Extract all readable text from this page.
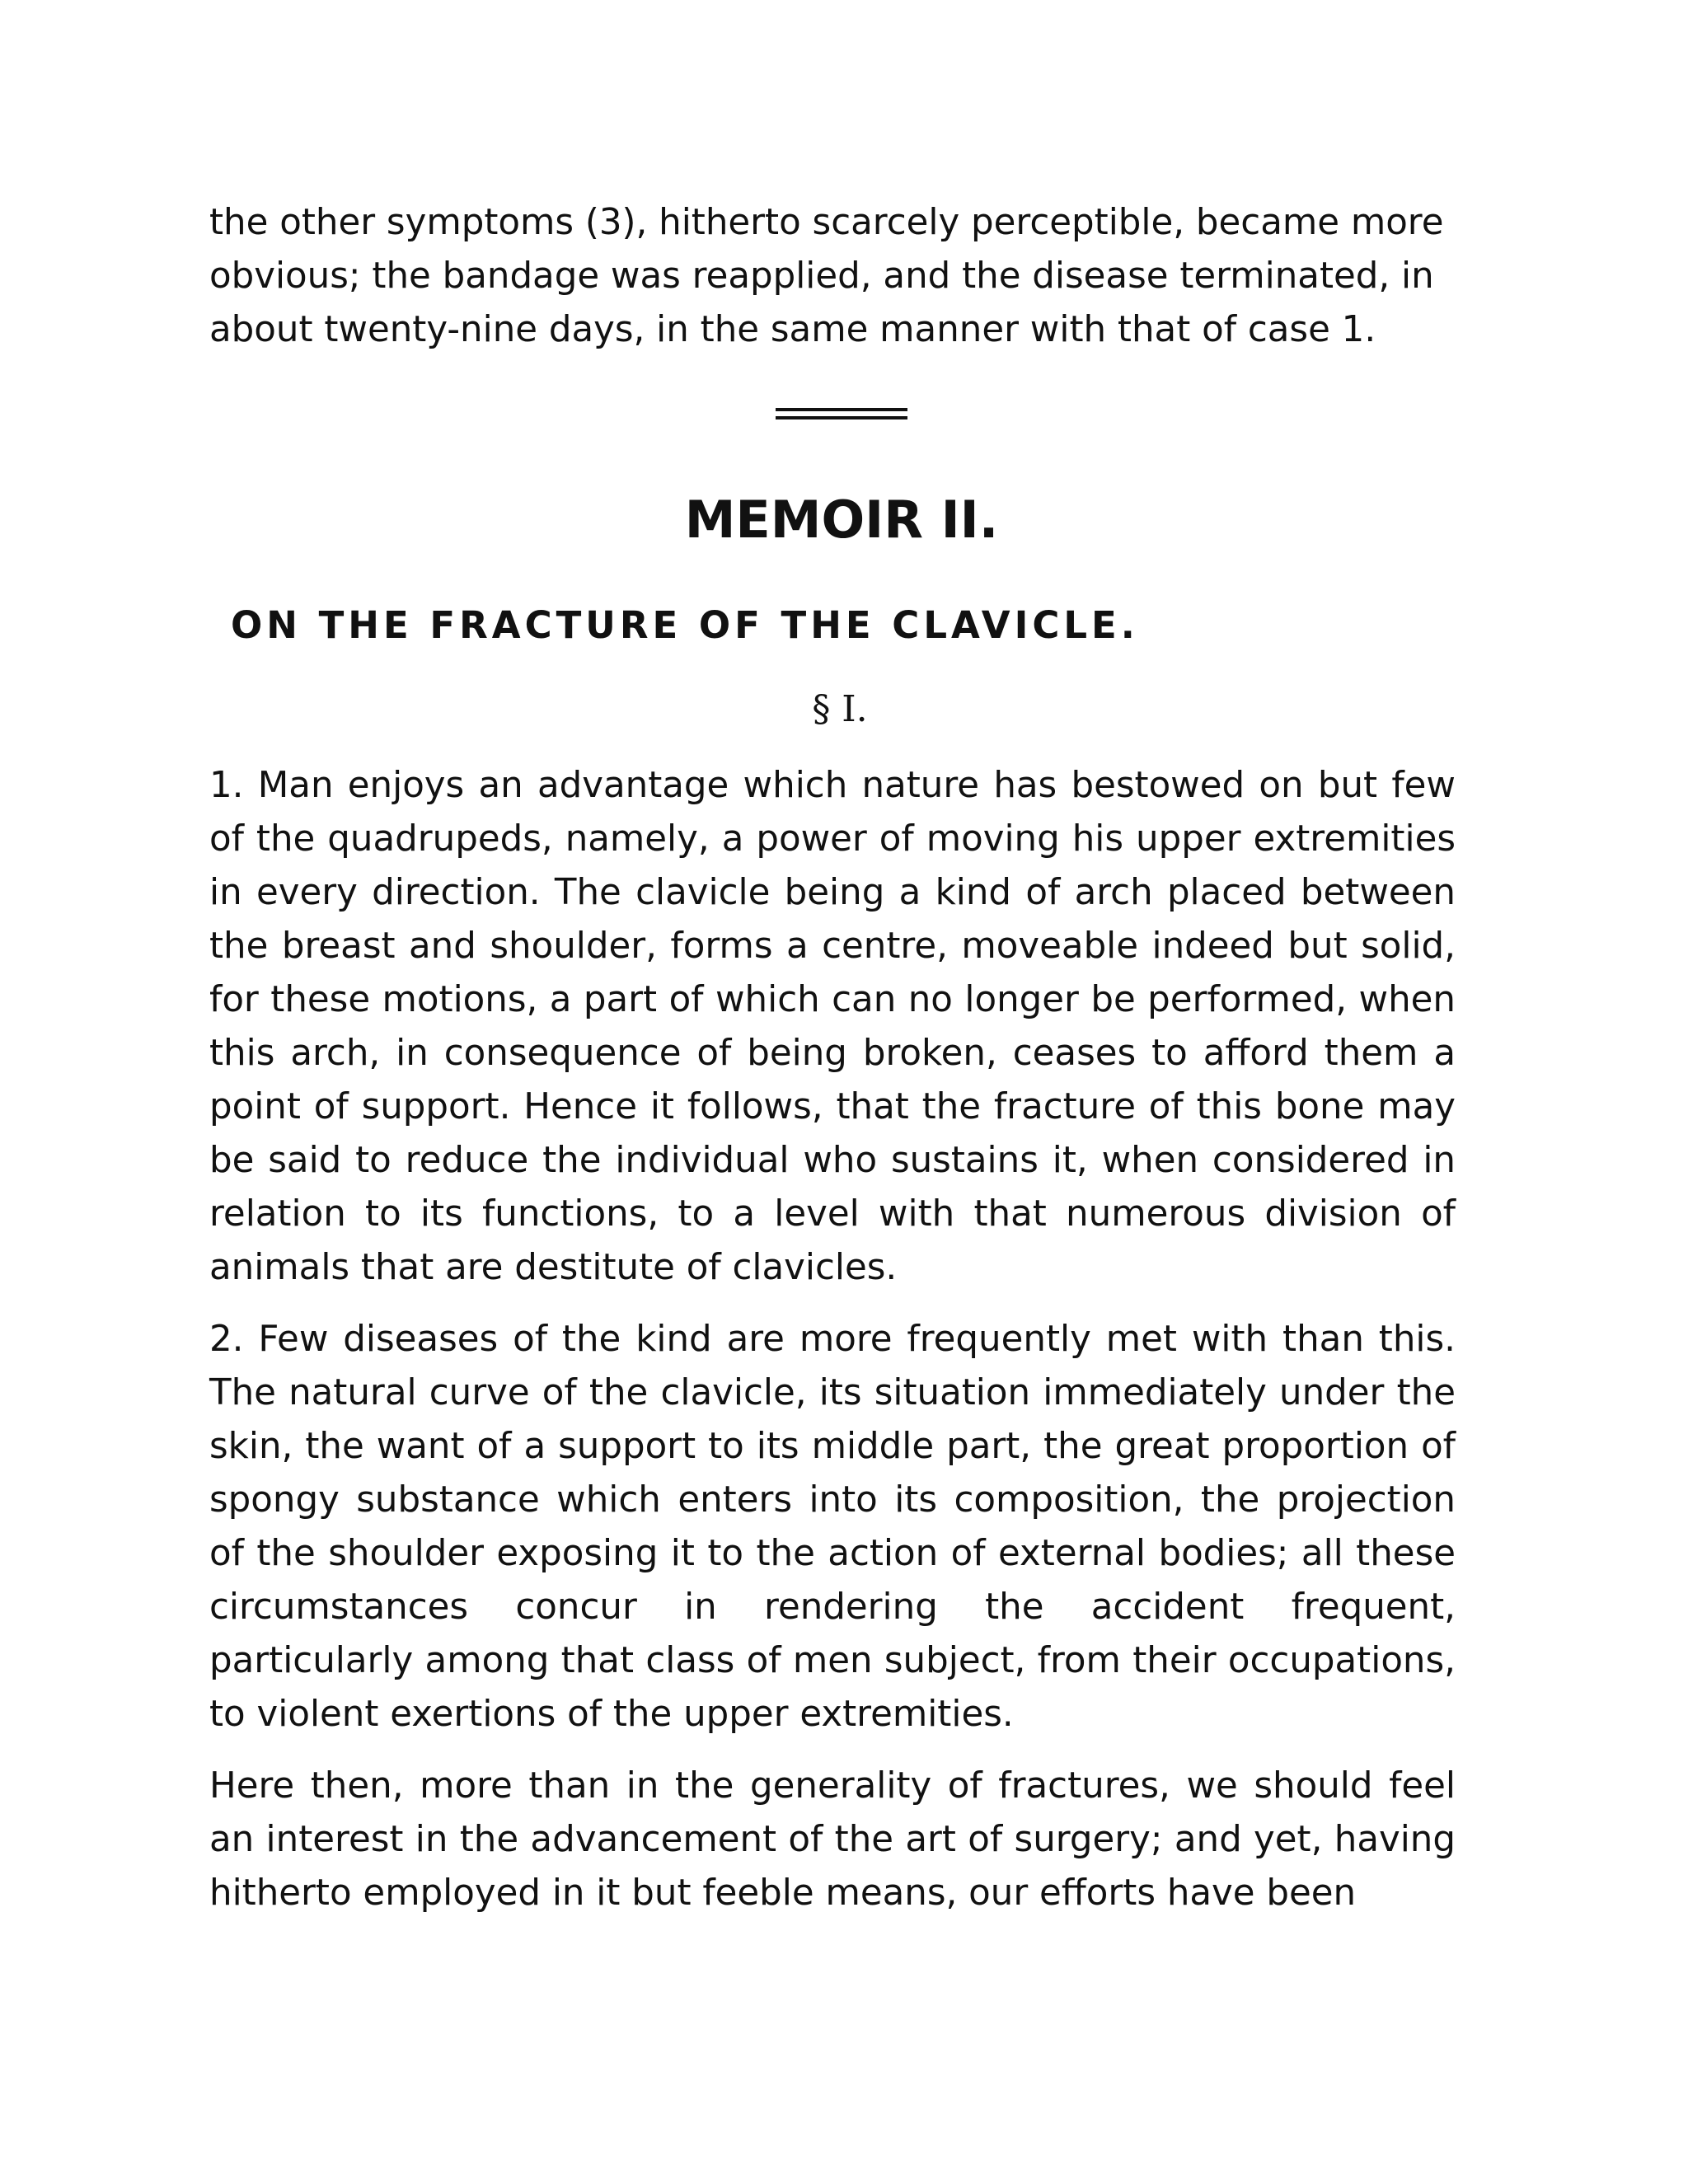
the other symptoms (3), hitherto scarcely perceptible, became more obvious; the bandage was reapplied, and the disease terminated, in about twenty-nine days, in the same manner with that of case 1.

MEMOIR II.
ON THE FRACTURE OF THE CLAVICLE.
§ I.

1. Man enjoys an advantage which nature has bestowed on but few of the quadrupeds, namely, a power of moving his upper extremities in every direction. The clavicle being a kind of arch placed between the breast and shoulder, forms a centre, moveable indeed but solid, for these motions, a part of which can no longer be performed, when this arch, in consequence of being broken, ceases to afford them a point of support. Hence it follows, that the fracture of this bone may be said to reduce the individual who sustains it, when considered in relation to its functions, to a level with that numerous division of animals that are destitute of clavicles.

2. Few diseases of the kind are more frequently met with than this. The natural curve of the clavicle, its situation immediately under the skin, the want of a support to its middle part, the great proportion of spongy substance which enters into its composition, the projection of the shoulder exposing it to the action of external bodies; all these circumstances concur in rendering the accident frequent, particularly among that class of men subject, from their occupations, to violent exertions of the upper extremities.

Here then, more than in the generality of fractures, we should feel an interest in the advancement of the art of surgery; and yet, having hitherto employed in it but feeble means, our efforts have been
